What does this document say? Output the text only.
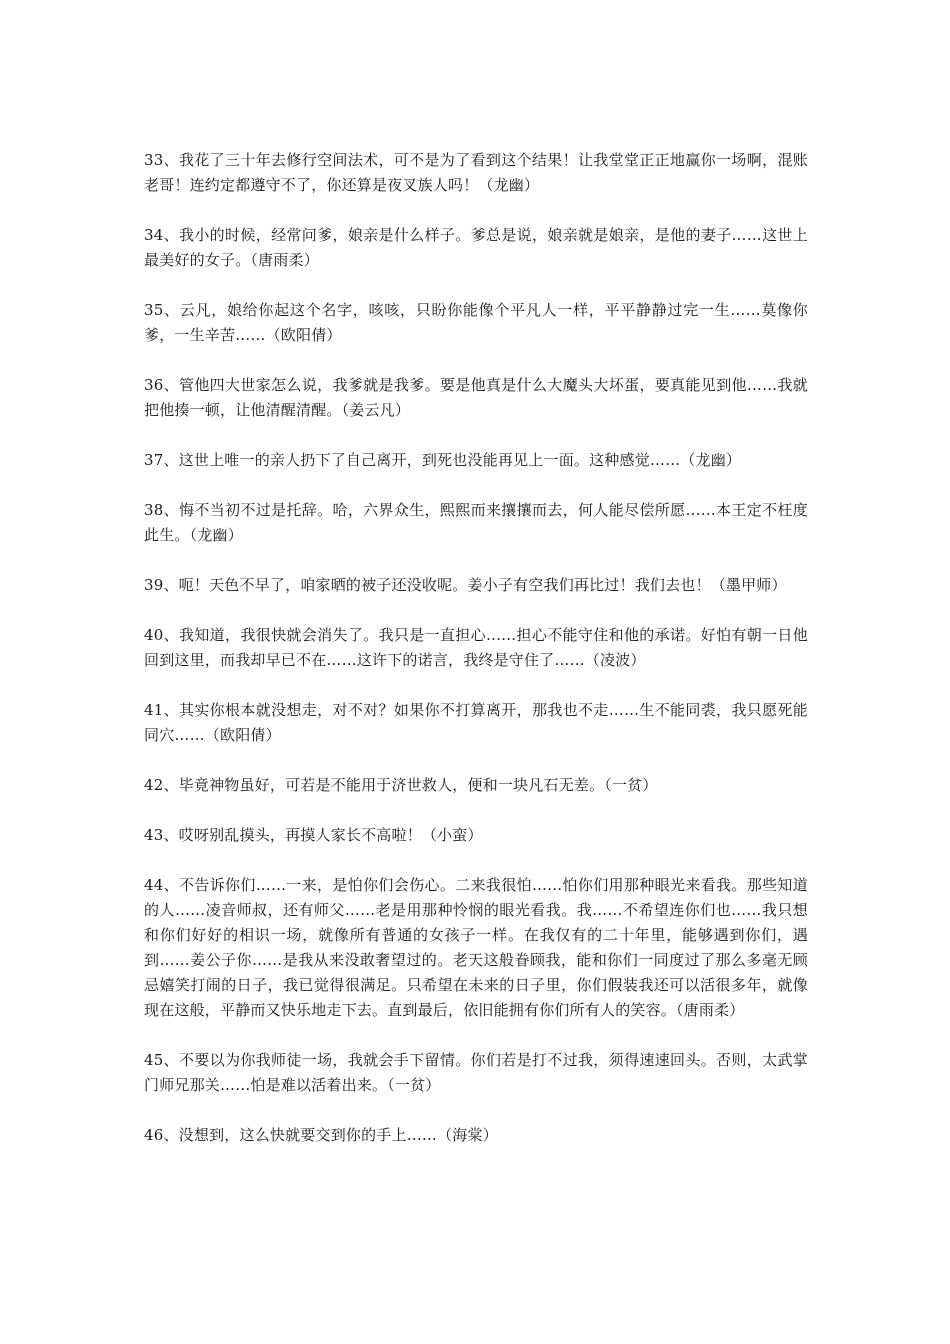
33、我花了三十年去修行空间法术，可不是为了看到这个结果！让我堂堂正正地赢你一场啊，混账老哥！连约定都遵守不了，你还算是夜叉族人吗！（龙幽）

34、我小的时候，经常问爹，娘亲是什么样子。爹总是说，娘亲就是娘亲，是他的妻子……这世上最美好的女子。（唐雨柔）

35、云凡，娘给你起这个名字，咳咳，只盼你能像个平凡人一样，平平静静过完一生……莫像你爹，一生辛苦……（欧阳倩）

36、管他四大世家怎么说，我爹就是我爹。要是他真是什么大魔头大坏蛋，要真能见到他……我就把他揍一顿，让他清醒清醒。（姜云凡）

37、这世上唯一的亲人扔下了自己离开，到死也没能再见上一面。这种感觉……（龙幽）

38、悔不当初不过是托辞。哈，六界众生，熙熙而来攘攘而去，何人能尽偿所愿……本王定不枉度此生。（龙幽）

39、呃！天色不早了，咱家晒的被子还没收呢。姜小子有空我们再比过！我们去也！（墨甲师）

40、我知道，我很快就会消失了。我只是一直担心……担心不能守住和他的承诺。好怕有朝一日他回到这里，而我却早已不在……这许下的诺言，我终是守住了……（凌波）

41、其实你根本就没想走，对不对？如果你不打算离开，那我也不走……生不能同裘，我只愿死能同穴……（欧阳倩）

42、毕竟神物虽好，可若是不能用于济世救人，便和一块凡石无差。（一贫）

43、哎呀别乱摸头，再摸人家长不高啦！（小蛮）

44、不告诉你们……一来，是怕你们会伤心。二来我很怕……怕你们用那种眼光来看我。那些知道的人……凌音师叔，还有师父……老是用那种怜悯的眼光看我。我……不希望连你们也……我只想和你们好好的相识一场，就像所有普通的女孩子一样。在我仅有的二十年里，能够遇到你们，遇到……姜公子你……是我从来没敢奢望过的。老天这般眷顾我，能和你们一同度过了那么多毫无顾忌嬉笑打闹的日子，我已觉得很满足。只希望在未来的日子里，你们假装我还可以活很多年，就像现在这般，平静而又快乐地走下去。直到最后，依旧能拥有你们所有人的笑容。（唐雨柔）

45、不要以为你我师徒一场，我就会手下留情。你们若是打不过我，须得速速回头。否则，太武掌门师兄那关……怕是难以活着出来。（一贫）

46、没想到，这么快就要交到你的手上……（海棠）
